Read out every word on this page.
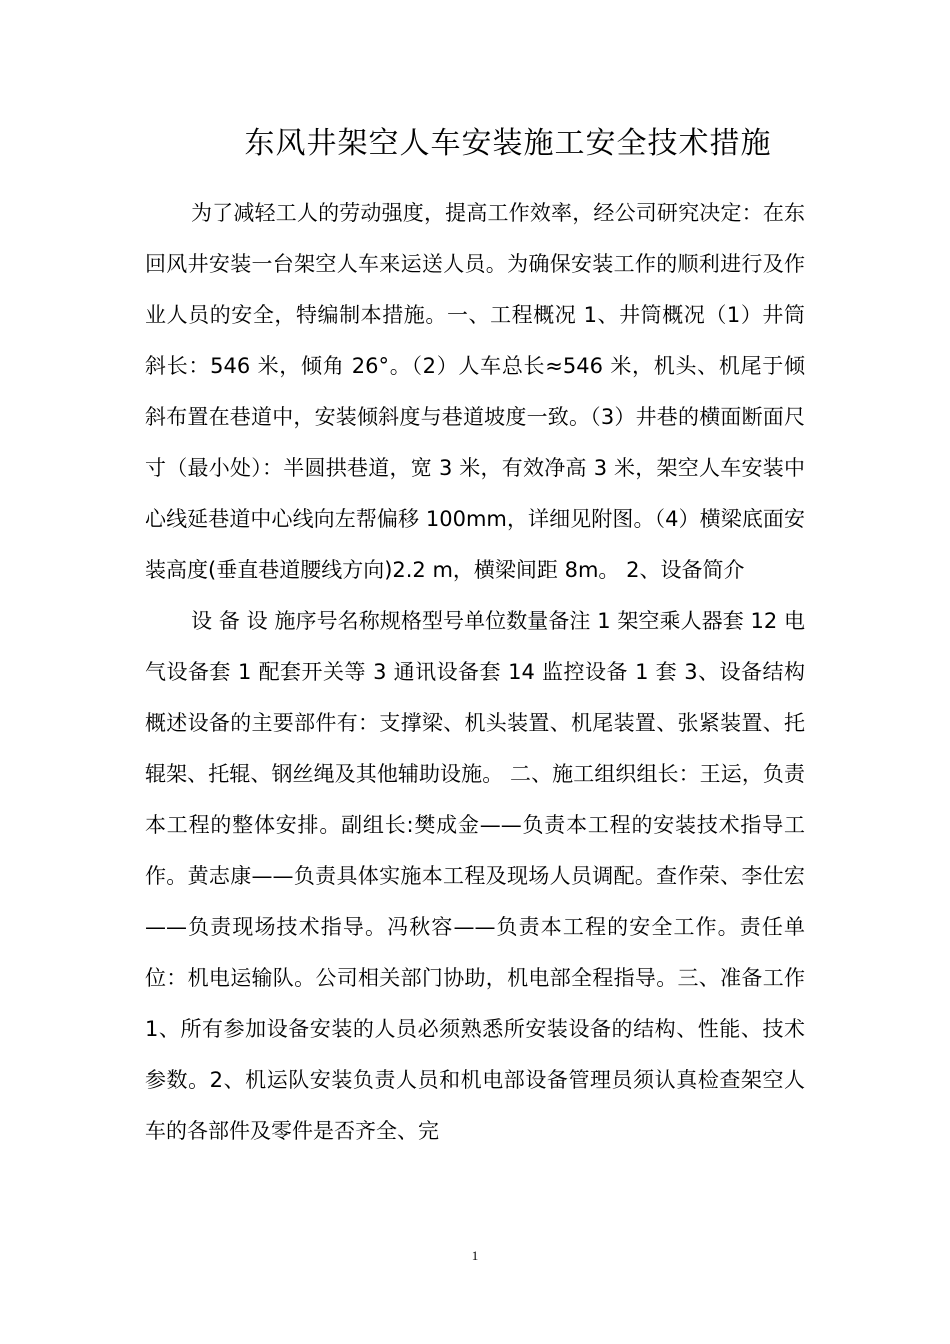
东风井架空人车安装施工安全技术措施

为了减轻工人的劳动强度，提高工作效率，经公司研究决定：在东回风井安装一台架空人车来运送人员。为确保安装工作的顺利进行及作业人员的安全，特编制本措施。一、工程概况 1、井筒概况（1）井筒斜长：546 米，倾角 26°。（2）人车总长≈546 米，机头、机尾于倾斜布置在巷道中，安装倾斜度与巷道坡度一致。（3）井巷的横面断面尺寸（最小处）：半圆拱巷道，宽 3 米，有效净高 3 米，架空人车安装中心线延巷道中心线向左帮偏移 100mm，详细见附图。（4）横梁底面安装高度(垂直巷道腰线方向)2.2 m，横梁间距 8m。 2、设备简介

设 备 设 施序号名称规格型号单位数量备注 1 架空乘人器套 12 电气设备套 1 配套开关等 3 通讯设备套 14 监控设备 1 套 3、设备结构概述设备的主要部件有：支撑梁、机头装置、机尾装置、张紧装置、托辊架、托辊、钢丝绳及其他辅助设施。 二、施工组织组长：王运，负责本工程的整体安排。副组长:樊成金——负责本工程的安装技术指导工作。黄志康——负责具体实施本工程及现场人员调配。查作荣、李仕宏——负责现场技术指导。冯秋容——负责本工程的安全工作。责任单位：机电运输队。公司相关部门协助，机电部全程指导。三、准备工作 1、所有参加设备安装的人员必须熟悉所安装设备的结构、性能、技术参数。2、机运队安装负责人员和机电部设备管理员须认真检查架空人车的各部件及零件是否齐全、完

1
